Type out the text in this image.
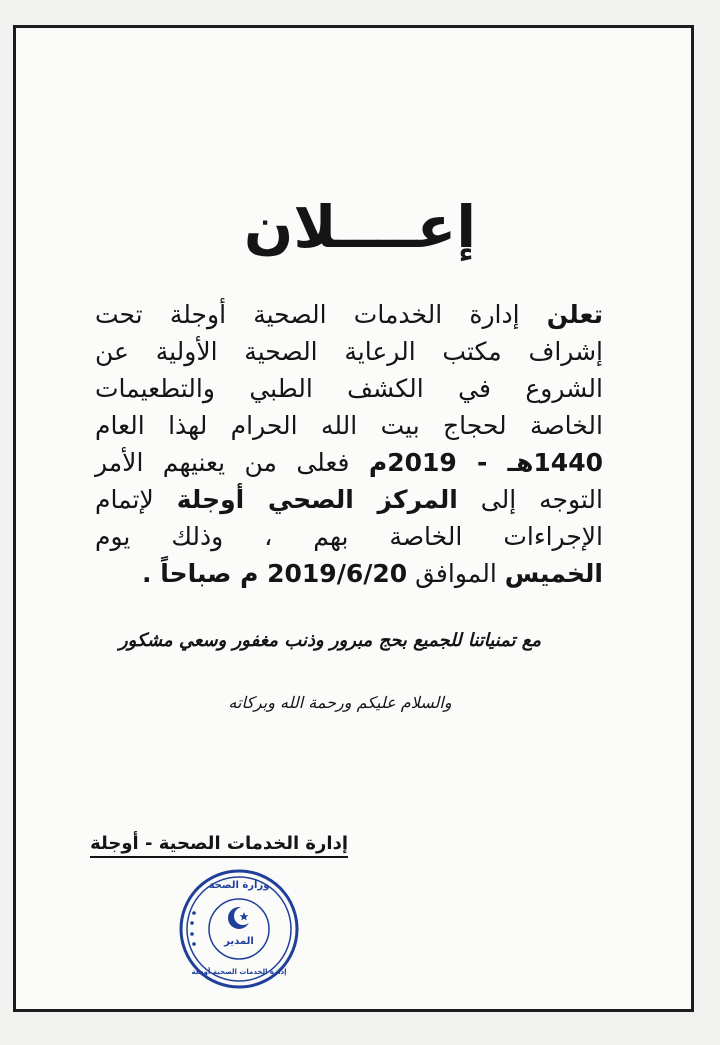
إعــــلان
تعلن إدارة الخدمات الصحية أوجلة تحت
إشراف مكتب الرعاية الصحية الأولية عن
الشروع في الكشف الطبي والتطعيمات
الخاصة لحجاج بيت الله الحرام لهذا العام
1440هـ - 2019م فعلى من يعنيهم الأمر
التوجه إلى المركز الصحي أوجلة لإتمام
الإجراءات الخاصة بهم ، وذلك يوم
الخميس الموافق 2019/6/20 م صباحاً .
مع تمنياتنا للجميع بحج مبرور وذنب مغفور وسعي مشكور
والسلام عليكم ورحمة الله وبركاته
إدارة الخدمات الصحية - أوجلة
وزارة الصحة
المدير
إدارة الخدمات الصحية أوجلة
